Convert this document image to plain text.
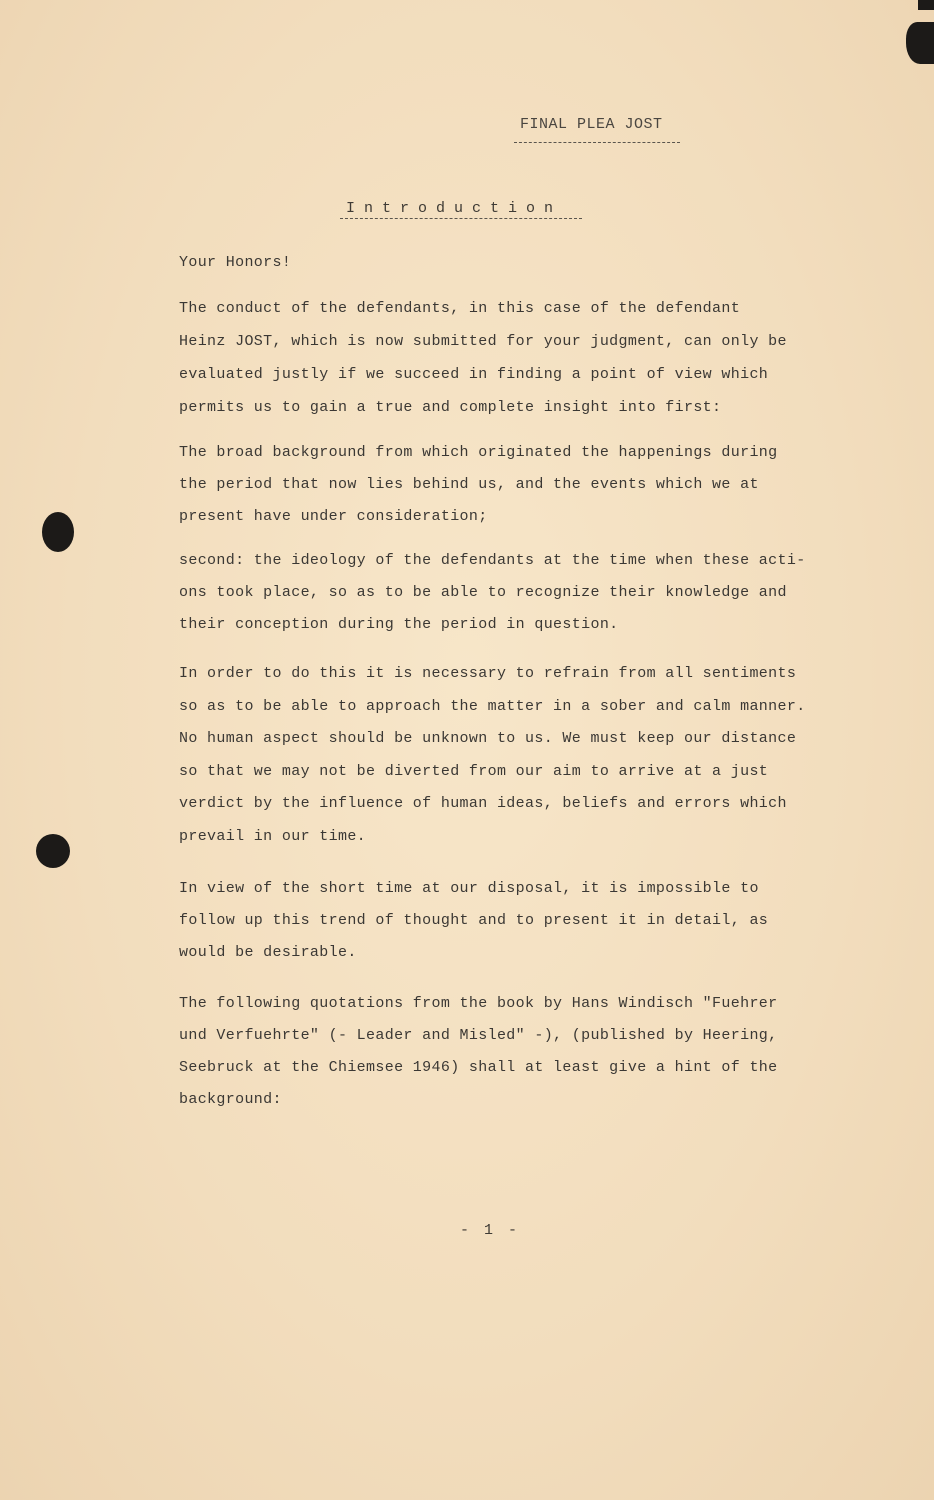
FINAL PLEA JOST
Introduction
Your Honors!
The conduct of the defendants, in this case of the defendant
Heinz JOST, which is now submitted for your judgment, can only be
evaluated justly if we succeed in finding a point of view which
permits us to gain a true and complete insight into first:
The broad background from which originated the happenings during
the period that now lies behind us, and the events which we at
present have under consideration;
second: the ideology of the defendants at the time when these acti-
ons took place, so as to be able to recognize their knowledge and
their conception during the period in question.
In order to do this it is necessary to refrain from all sentiments
so as to be able to approach the matter in a sober and calm manner.
No human aspect should be unknown to us. We must keep our distance
so that we may not be diverted from our aim to arrive at a just
verdict by the influence of human ideas, beliefs and errors which
prevail in our time.
In view of the short time at our disposal, it is impossible to
follow up this trend of thought and to present it in detail, as
would be desirable.
The following quotations from the book by Hans Windisch "Fuehrer
und Verfuehrte" (- Leader and Misled" -), (published by Heering,
Seebruck at the Chiemsee 1946) shall at least give a hint of the
background:
- 1 -
